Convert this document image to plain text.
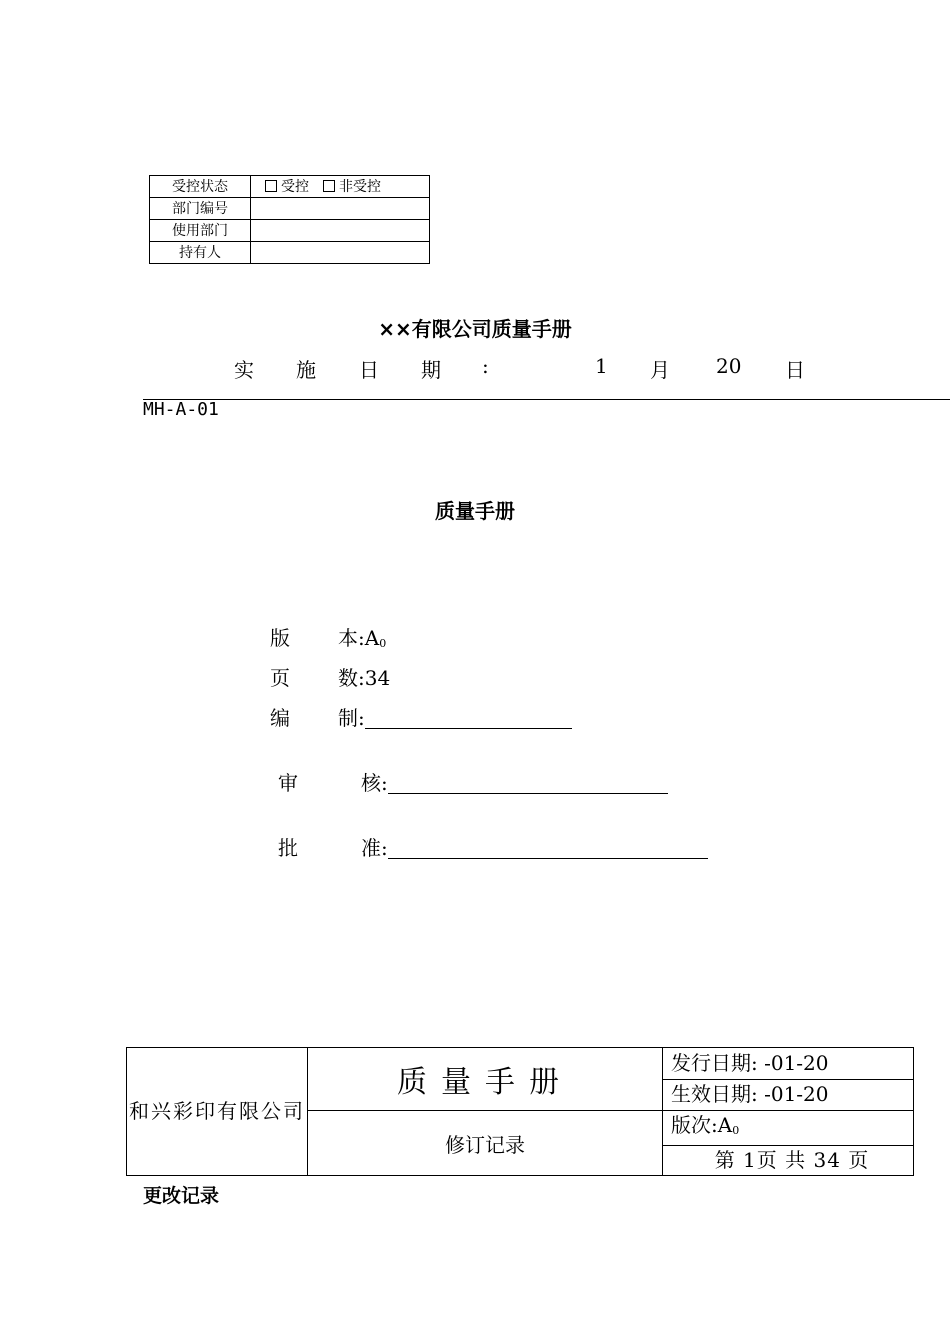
受控状态	受控 非受控
部门编号	
使用部门	
持有人	
××有限公司质量手册
实 施 日 期 :	1 月 20 日
MH-A-01
质量手册
版 本$:A_0$
页 数:34
编 制:
审	核:
批	准:
和兴彩印有限公司	质量手册	发行日期: -01-20
		生效日期: -01-20
	修订记录	版次$:A_0$
		第 1页 共 34 页
更改记录
